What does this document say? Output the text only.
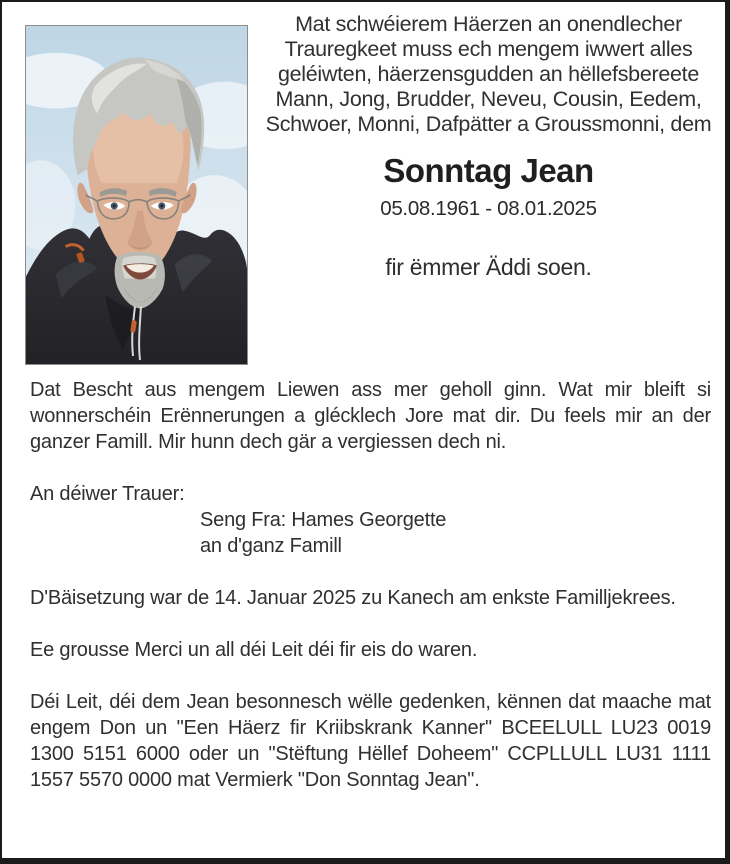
Mat schwéierem Häerzen an onendlecher Trauregkeet muss ech mengem iwwert alles geléiwten, häerzensgudden an hëllefsbereete Mann, Jong, Brudder, Neveu, Cousin, Eedem, Schwoer, Monni, Dafpätter a Groussmonni, dem
Sonntag Jean
05.08.1961 - 08.01.2025
fir ëmmer Äddi soen.

Dat Bescht aus mengem Liewen ass mer geholl ginn. Wat mir bleift si wonnerschéin Erënnerungen a glécklech Jore mat dir. Du feels mir an der ganzer Famill. Mir hunn dech gär a vergiessen dech ni.

An déiwer Trauer:

Seng Fra: Hames Georgette

an d'ganz Famill

D'Bäisetzung war de 14. Januar 2025 zu Kanech am enkste Familljekrees.

Ee grousse Merci un all déi Leit déi fir eis do waren.

Déi Leit, déi dem Jean besonnesch wëlle gedenken, kënnen dat maache mat engem Don un "Een Häerz fir Kriibskrank Kanner" BCEELULL LU23 0019 1300 5151 6000 oder un "Stëftung Hëllef Doheem" CCPLLULL LU31 1111 1557 5570 0000 mat Vermierk "Don Sonntag Jean".
